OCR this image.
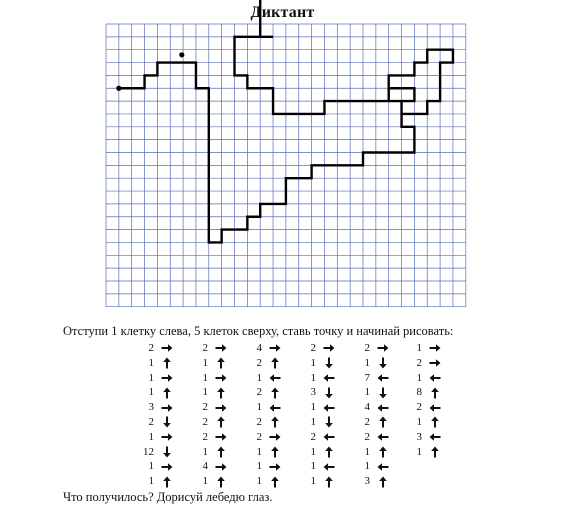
Диктант
Отступи 1 клетку слева, 5 клеток сверху, ставь точку и начинай рисовать:
2
1
1
1
3
2
1
12
1
1
2
1
1
1
2
2
2
1
4
1
4
2
1
2
1
2
2
1
1
1
2
1
1
3
1
1
2
1
1
1
2
1
7
1
4
2
2
1
1
3
1
2
1
8
2
1
3
1
Что получилось? Дорисуй лебедю глаз.
